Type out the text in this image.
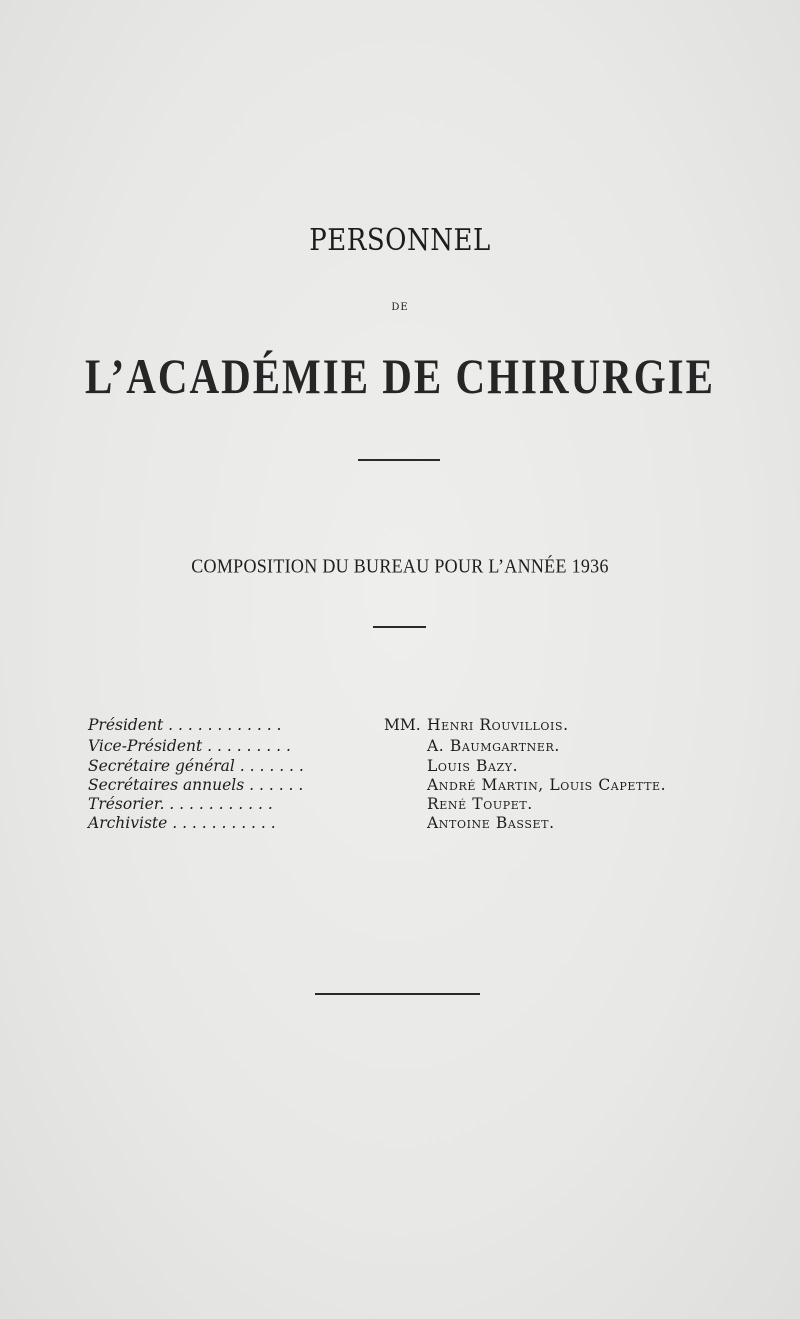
PERSONNEL
DE
L’ACADÉMIE DE CHIRURGIE
COMPOSITION DU BUREAU POUR L’ANNÉE 1936
Président . . . . . . . . . . . .	MM. Henri Rouvillois.
Vice-Président . . . . . . . . .	A. Baumgartner.
Secrétaire général . . . . . . .	Louis Bazy.
Secrétaires annuels . . . . . .	André Martin, Louis Capette.
Trésorier. . . . . . . . . . . .	René Toupet.
Archiviste . . . . . . . . . . .	Antoine Basset.
